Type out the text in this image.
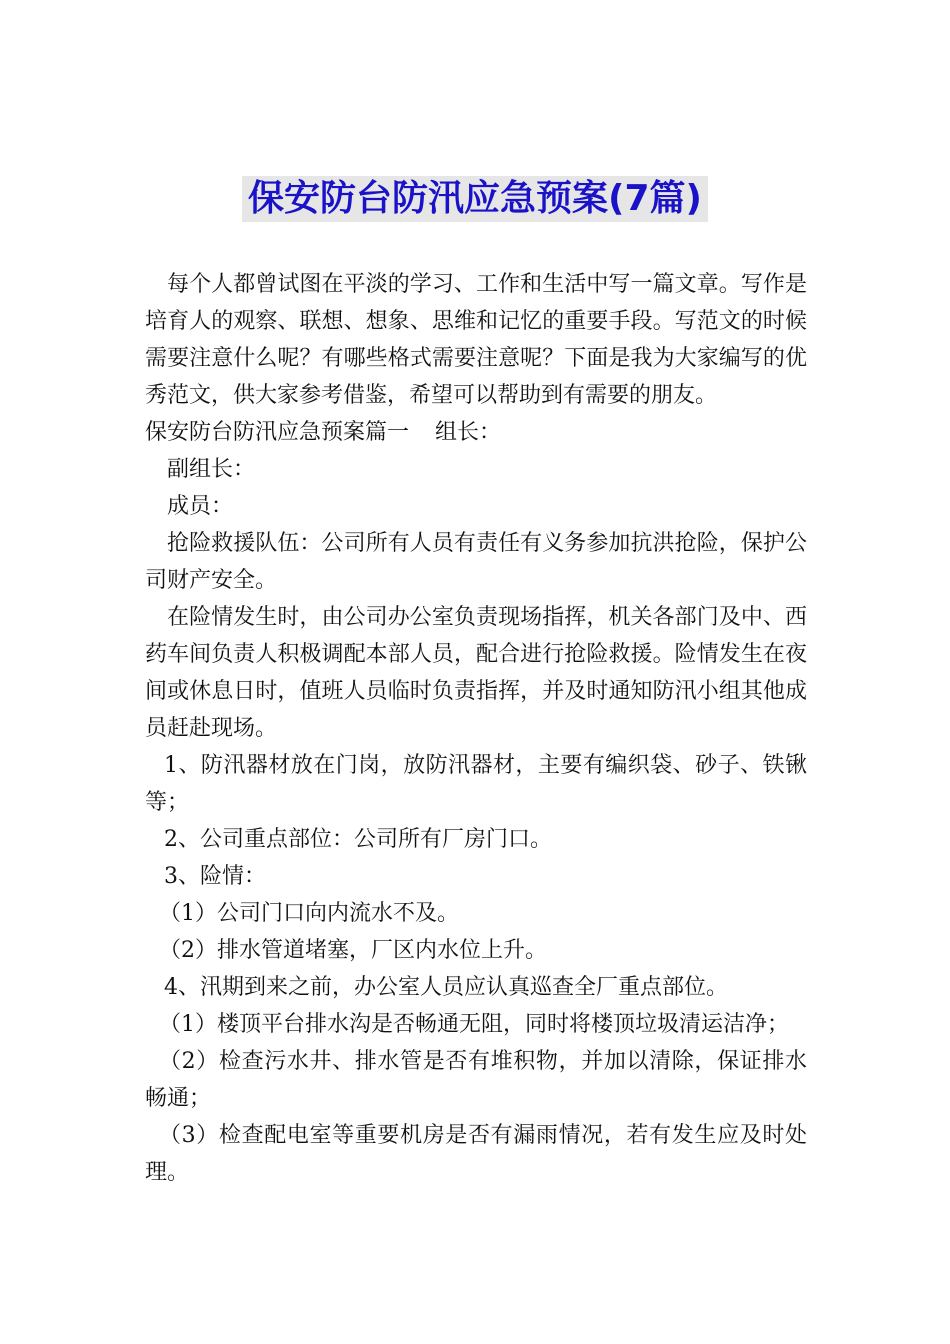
保安防台防汛应急预案(7篇)

每个人都曾试图在平淡的学习、工作和生活中写一篇文章。写作是培育人的观察、联想、想象、思维和记忆的重要手段。写范文的时候需要注意什么呢？有哪些格式需要注意呢？下面是我为大家编写的优秀范文，供大家参考借鉴，希望可以帮助到有需要的朋友。

保安防台防汛应急预案篇一 组长：

副组长：

成员：

抢险救援队伍：公司所有人员有责任有义务参加抗洪抢险，保护公司财产安全。

在险情发生时，由公司办公室负责现场指挥，机关各部门及中、西药车间负责人积极调配本部人员，配合进行抢险救援。险情发生在夜间或休息日时，值班人员临时负责指挥，并及时通知防汛小组其他成员赶赴现场。

1、防汛器材放在门岗，放防汛器材，主要有编织袋、砂子、铁锹等；

2、公司重点部位：公司所有厂房门口。

3、险情：

（1）公司门口向内流水不及。

（2）排水管道堵塞，厂区内水位上升。

4、汛期到来之前，办公室人员应认真巡查全厂重点部位。

（1）楼顶平台排水沟是否畅通无阻，同时将楼顶垃圾清运洁净；

（2）检查污水井、排水管是否有堆积物，并加以清除，保证排水畅通；

（3）检查配电室等重要机房是否有漏雨情况，若有发生应及时处理。
